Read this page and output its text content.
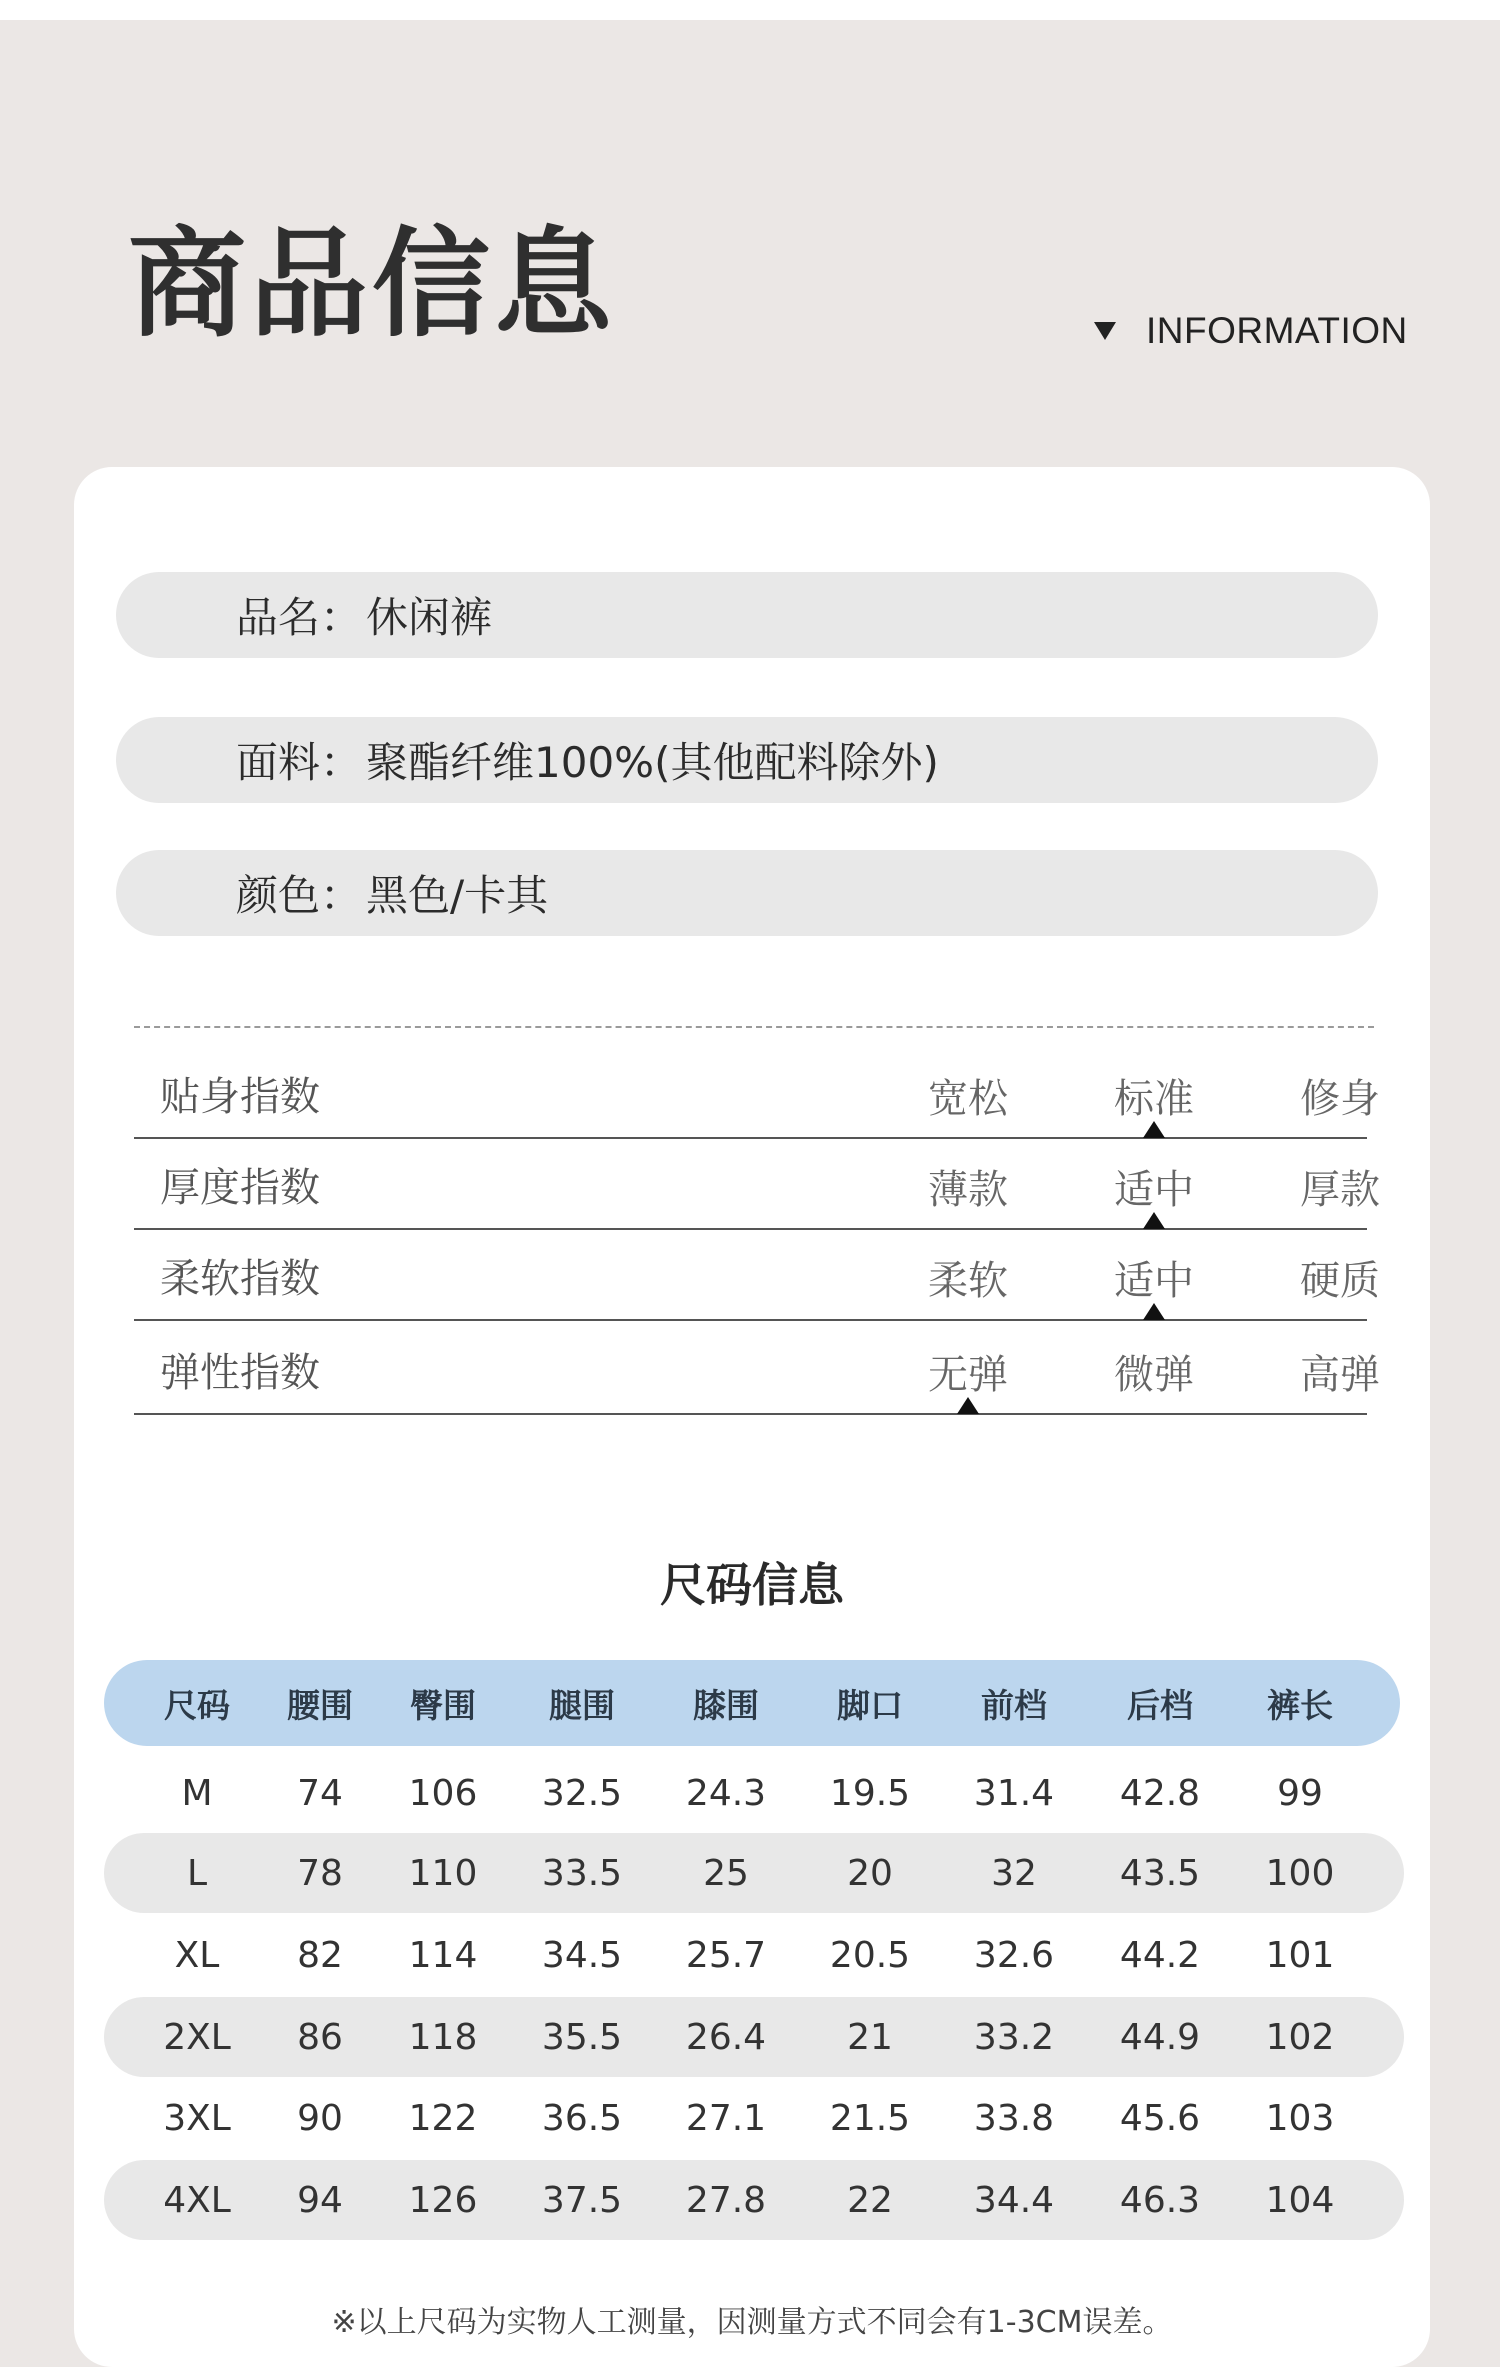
商品信息	INFORMATION
品名： 休闲裤
面料： 聚酯纤维100%(其他配料除外)
颜色： 黑色/卡其
贴身指数	宽松	标准	修身
厚度指数	薄款	适中	厚款
柔软指数	柔软	适中	硬质
弹性指数	无弹	微弹	高弹
尺码信息
尺码	腰围	臀围	腿围	膝围	脚口	前档	后档	裤长
M	74	106	32.5	24.3	19.5	31.4	42.8	99
L	78	110	33.5	25	20	32	43.5	100
XL	82	114	34.5	25.7	20.5	32.6	44.2	101
2XL	86	118	35.5	26.4	21	33.2	44.9	102
3XL	90	122	36.5	27.1	21.5	33.8	45.6	103
4XL	94	126	37.5	27.8	22	34.4	46.3	104
※以上尺码为实物人工测量，因测量方式不同会有1-3CM误差。
